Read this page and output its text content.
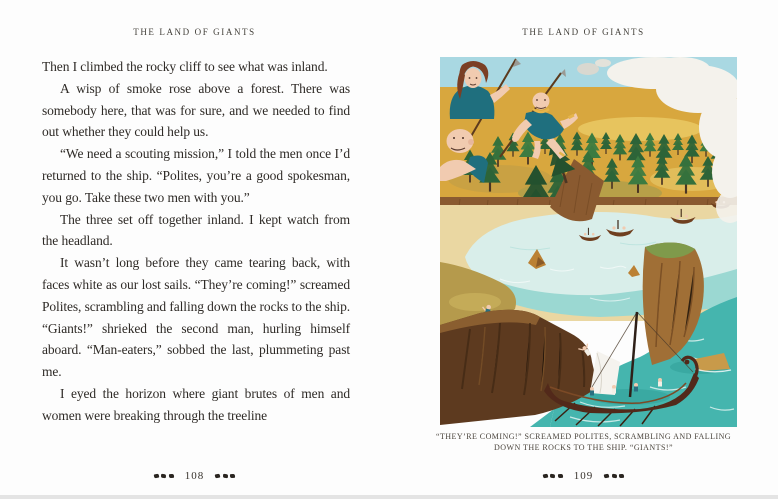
THE LAND OF GIANTS

Then I climbed the rocky cliff to see what was inland.

A wisp of smoke rose above a forest. There was somebody here, that was for sure, and we needed to find out whether they could help us.

“We need a scouting mission,” I told the men once I’d returned to the ship. “Polites, you’re a good spokesman, you go. Take these two men with you.”

The three set off together inland. I kept watch from the headland.

It wasn’t long before they came tearing back, with faces white as our lost sails. “They’re coming!” screamed Polites, scrambling and falling down the rocks to the ship. “Giants!” shrieked the second man, hurling himself aboard. “Man-eaters,” sobbed the last, plummeting past me.

I eyed the horizon where giant brutes of men and women were breaking through the treeline

108
THE LAND OF GIANTS
“THEY’RE COMING!” SCREAMED POLITES, SCRAMBLING AND FALLING
DOWN THE ROCKS TO THE SHIP. “GIANTS!”
109
